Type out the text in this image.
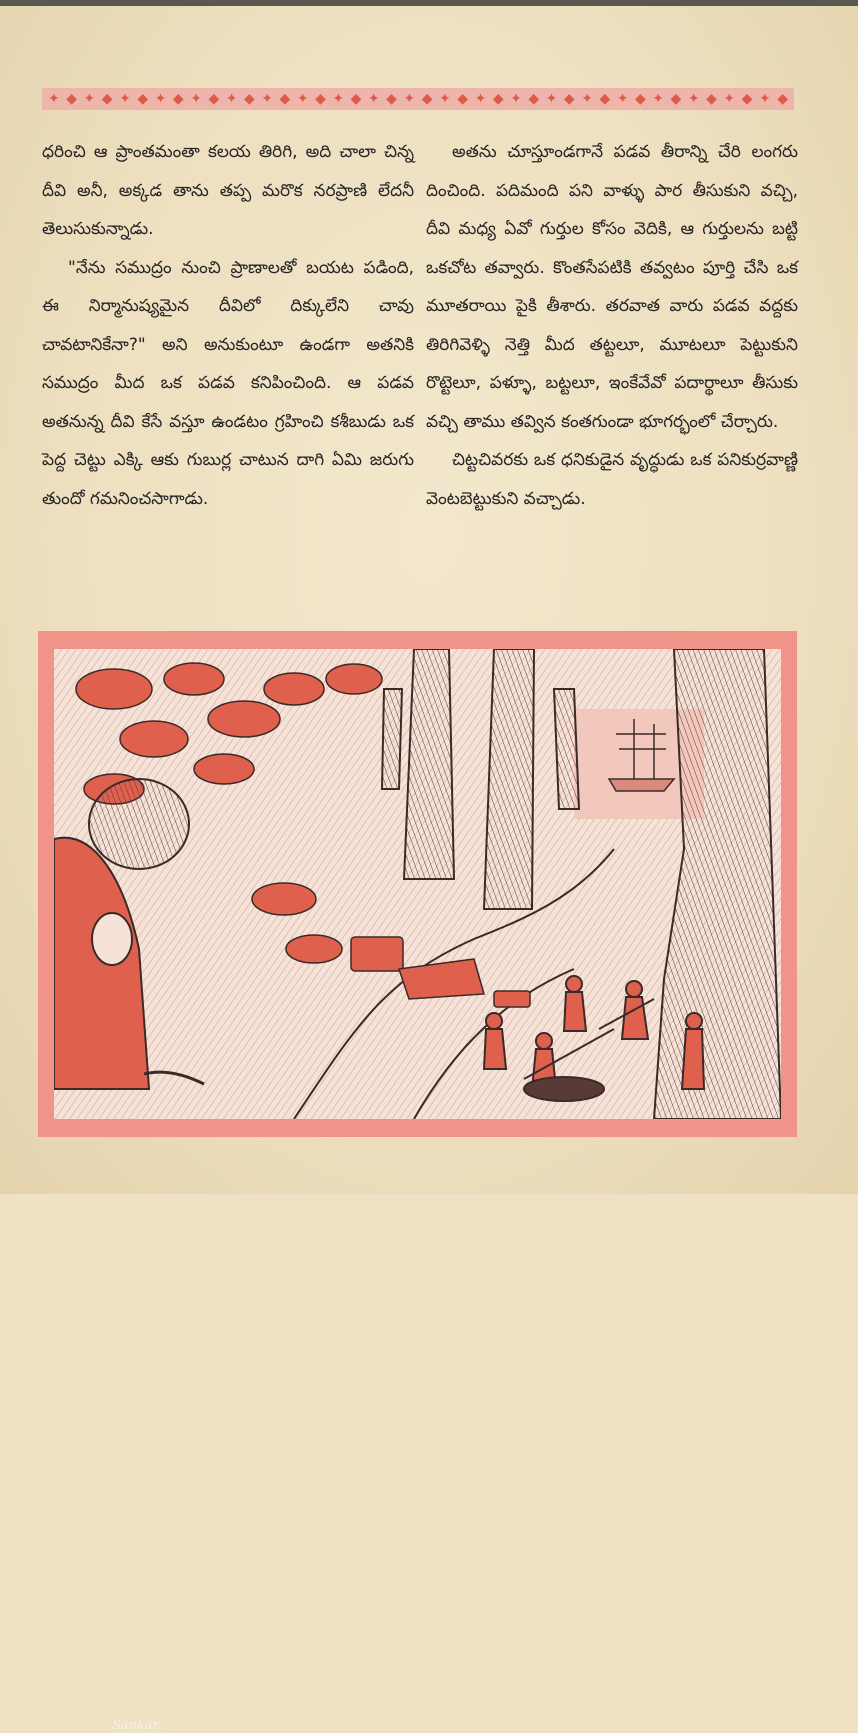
✦ ◆ ✦ ◆ ✦ ◆ ✦ ◆ ✦ ◆ ✦ ◆ ✦ ◆ ✦ ◆ ✦ ◆ ✦ ◆ ✦ ◆ ✦ ◆ ✦ ◆ ✦ ◆ ✦ ◆ ✦ ◆ ✦ ◆ ✦ ◆ ✦ ◆ ✦ ◆ ✦ ◆

ధరించి ఆ ప్రాంతమంతా కలయ తిరిగి, అది చాలా చిన్న దీవి అనీ, అక్కడ తాను తప్ప మరొక నరప్రాణి లేదనీ తెలుసుకున్నాడు.

"నేను సముద్రం నుంచి ప్రాణాలతో బయట పడింది, ఈ నిర్మానుష్యమైన దీవిలో దిక్కులేని చావు చావటానికేనా?" అని అనుకుంటూ ఉండగా అతనికి సముద్రం మీద ఒక పడవ కనిపించింది. ఆ పడవ అతనున్న దీవి కేసే వస్తూ ఉండటం గ్రహించి కశీబుడు ఒక పెద్ద చెట్టు ఎక్కి ఆకు గుబుర్ల చాటున దాగి ఏమి జరుగు తుందో గమనించసాగాడు.

అతను చూస్తూండగానే పడవ తీరాన్ని చేరి లంగరు దించింది. పదిమంది పని వాళ్ళు పార తీసుకుని వచ్చి, దీవి మధ్య ఏవో గుర్తుల కోసం వెదికి, ఆ గుర్తులను బట్టి ఒకచోట తవ్వారు. కొంతసేపటికి తవ్వటం పూర్తి చేసి ఒక మూతరాయి పైకి తీశారు. తరవాత వారు పడవ వద్దకు తిరిగివెళ్ళి నెత్తి మీద తట్టలూ, మూటలూ పెట్టుకుని రొట్టెలూ, పళ్ళూ, బట్టలూ, ఇంకేవేవో పదార్థాలూ తీసుకు వచ్చి తాము తవ్విన కంతగుండా భూగర్భంలో చేర్చారు.

చిట్టచివరకు ఒక ధనికుడైన వృద్ధుడు ఒక పనికుర్రవాణ్ణి వెంటబెట్టుకుని వచ్చాడు.

Sankar..
